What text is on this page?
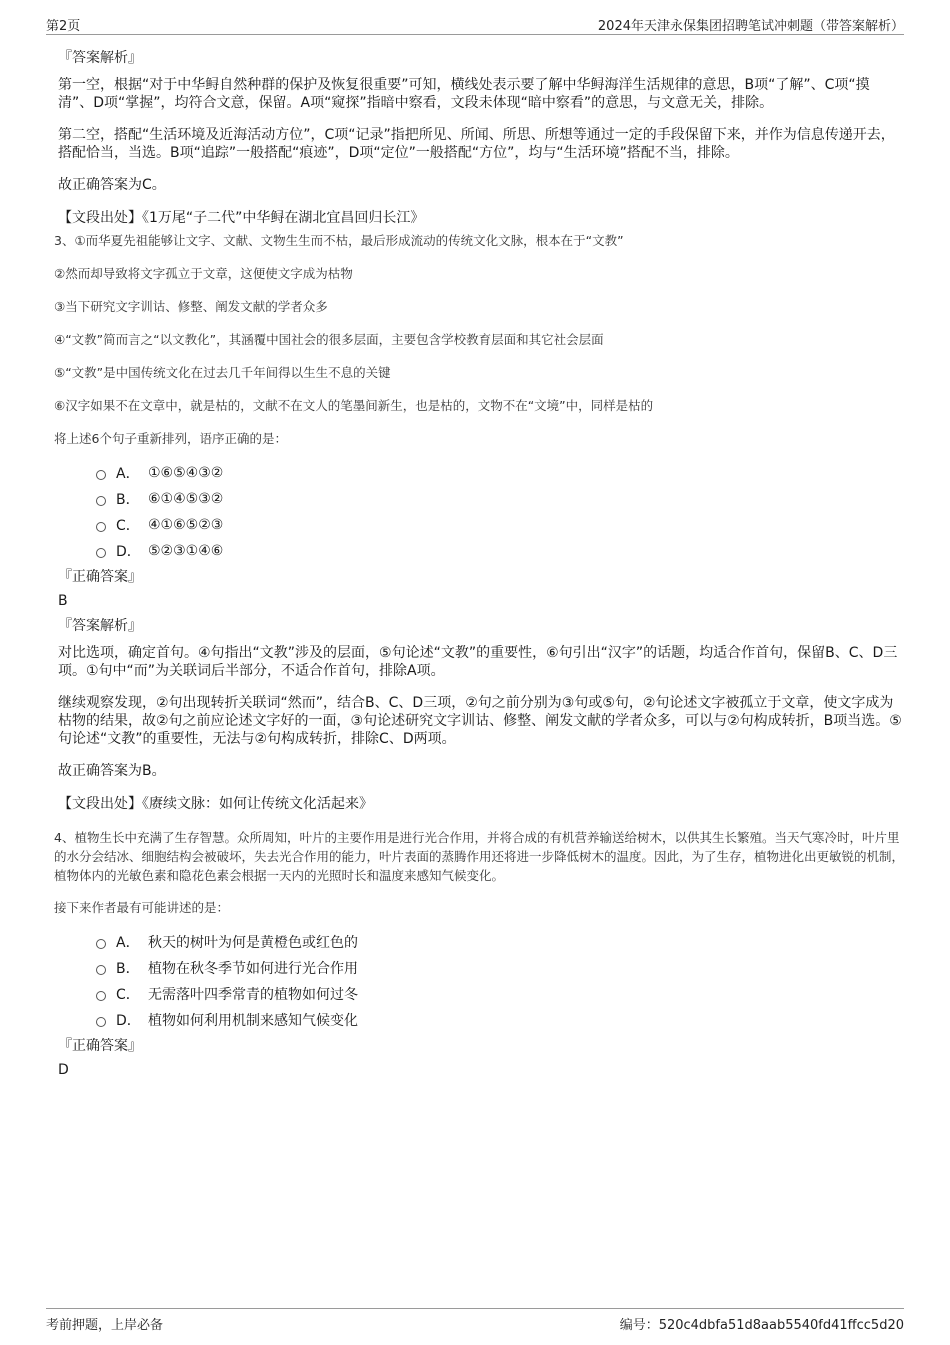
第2页	2024年天津永保集团招聘笔试冲刺题（带答案解析）
『答案解析』

第一空，根据“对于中华鲟自然种群的保护及恢复很重要”可知，横线处表示要了解中华鲟海洋生活规律的意思，B项“了解”、C项“摸清”、D项“掌握”，均符合文意，保留。A项“窥探”指暗中察看，文段未体现“暗中察看”的意思，与文意无关，排除。

第二空，搭配“生活环境及近海活动方位”，C项“记录”指把所见、所闻、所思、所想等通过一定的手段保留下来，并作为信息传递开去，搭配恰当，当选。B项“追踪”一般搭配“痕迹”，D项“定位”一般搭配“方位”，均与“生活环境”搭配不当，排除。

故正确答案为C。

【文段出处】《1万尾“子二代”中华鲟在湖北宜昌回归长江》

3、①而华夏先祖能够让文字、文献、文物生生而不枯，最后形成流动的传统文化文脉，根本在于“文教”

②然而却导致将文字孤立于文章，这便使文字成为枯物

③当下研究文字训诂、修整、阐发文献的学者众多

④“文教”简而言之“以文教化”，其涵覆中国社会的很多层面，主要包含学校教育层面和其它社会层面

⑤“文教”是中国传统文化在过去几千年间得以生生不息的关键

⑥汉字如果不在文章中，就是枯的，文献不在文人的笔墨间新生，也是枯的，文物不在“文境”中，同样是枯的

将上述6个句子重新排列，语序正确的是：

A． ①⑥⑤④③②
B． ⑥①④⑤③②
C． ④①⑥⑤②③
D． ⑤②③①④⑥
『正确答案』
B
『答案解析』

对比选项，确定首句。④句指出“文教”涉及的层面，⑤句论述“文教”的重要性，⑥句引出“汉字”的话题，均适合作首句，保留B、C、D三项。①句中“而”为关联词后半部分，不适合作首句，排除A项。

继续观察发现，②句出现转折关联词“然而”，结合B、C、D三项，②句之前分别为③句或⑤句，②句论述文字被孤立于文章，使文字成为枯物的结果，故②句之前应论述文字好的一面，③句论述研究文字训诂、修整、阐发文献的学者众多，可以与②句构成转折，B项当选。⑤句论述“文教”的重要性，无法与②句构成转折，排除C、D两项。

故正确答案为B。

【文段出处】《赓续文脉：如何让传统文化活起来》

4、植物生长中充满了生存智慧。众所周知，叶片的主要作用是进行光合作用，并将合成的有机营养输送给树木，以供其生长繁殖。当天气寒冷时，叶片里的水分会结冰、细胞结构会被破坏，失去光合作用的能力，叶片表面的蒸腾作用还将进一步降低树木的温度。因此，为了生存，植物进化出更敏锐的机制，植物体内的光敏色素和隐花色素会根据一天内的光照时长和温度来感知气候变化。

接下来作者最有可能讲述的是：

A． 秋天的树叶为何是黄橙色或红色的
B． 植物在秋冬季节如何进行光合作用
C． 无需落叶四季常青的植物如何过冬
D． 植物如何利用机制来感知气候变化
『正确答案』
D
考前押题，上岸必备	编号：520c4dbfa51d8aab5540fd41ffcc5d20
